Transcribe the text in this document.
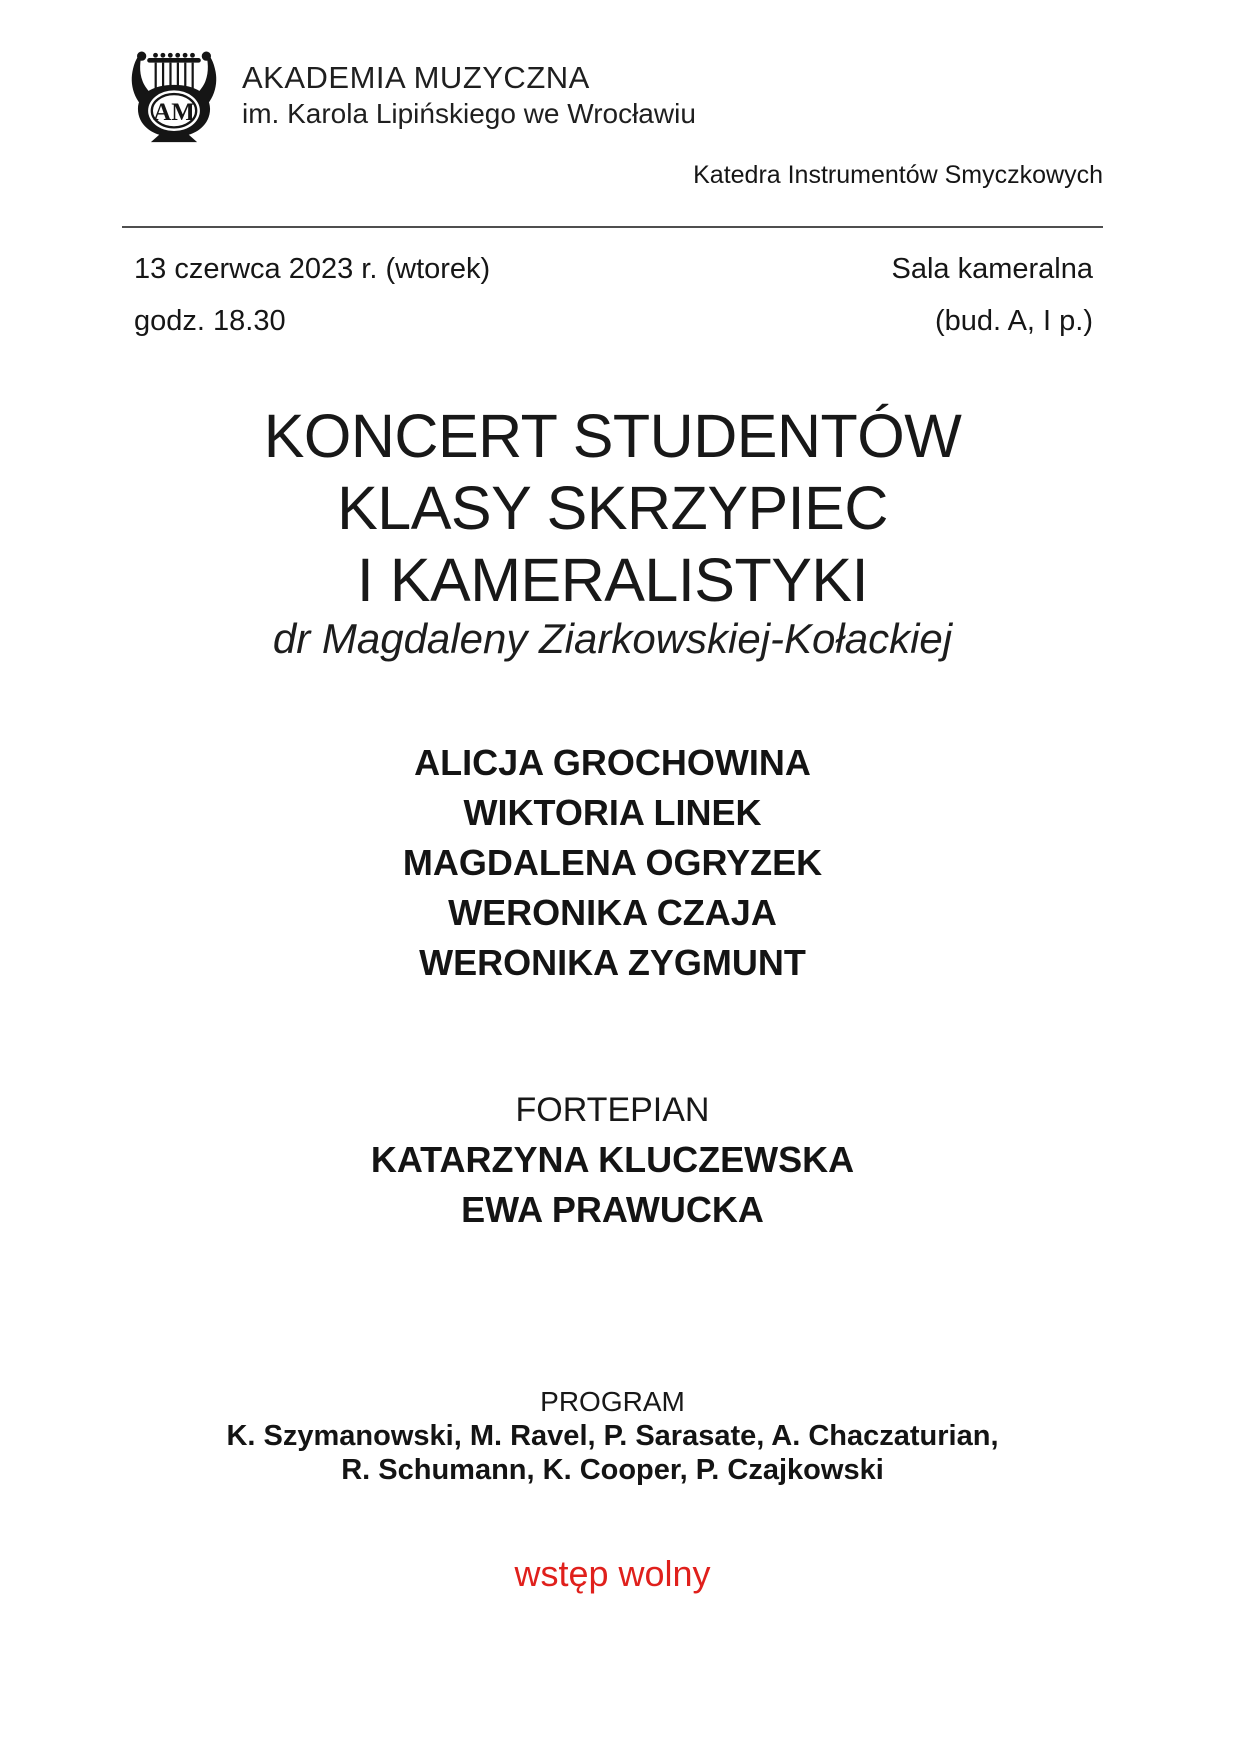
AM
AKADEMIA MUZYCZNA
im. Karola Lipińskiego we Wrocławiu
Katedra Instrumentów Smyczkowych
13 czerwca 2023 r. (wtorek)	Sala kameralna
godz. 18.30	(bud. A, I p.)
KONCERT STUDENTÓW
KLASY SKRZYPIEC
I KAMERALISTYKI
dr Magdaleny Ziarkowskiej-Kołackiej
ALICJA GROCHOWINA
WIKTORIA LINEK
MAGDALENA OGRYZEK
WERONIKA CZAJA
WERONIKA ZYGMUNT
FORTEPIAN
KATARZYNA KLUCZEWSKA
EWA PRAWUCKA
PROGRAM
K. Szymanowski, M. Ravel, P. Sarasate, A. Chaczaturian,
R. Schumann, K. Cooper, P. Czajkowski
wstęp wolny
